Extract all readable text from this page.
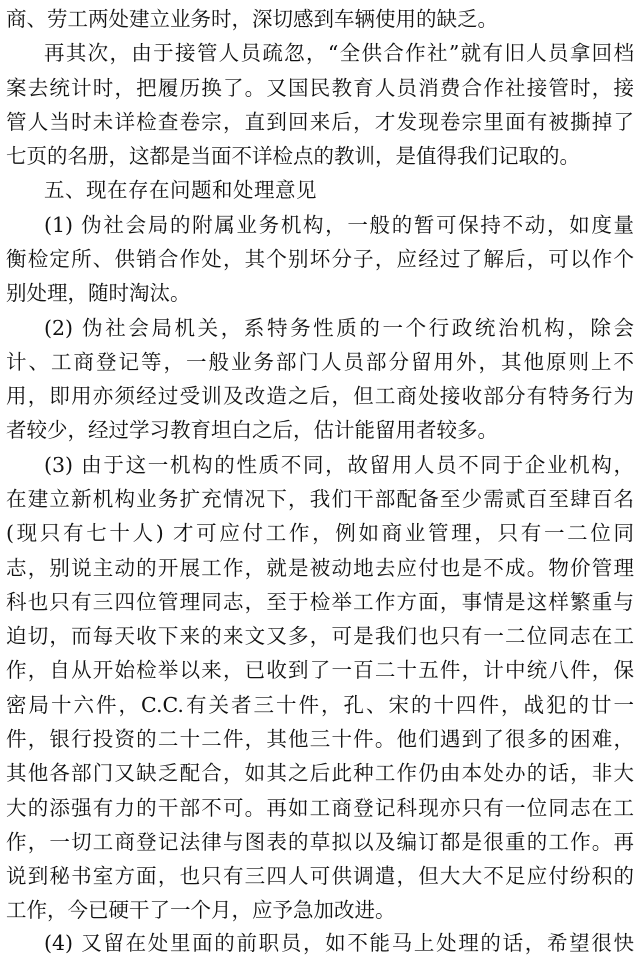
商、劳工两处建立业务时，深切感到车辆使用的缺乏。
再其次，由于接管人员疏忽，“全供合作社”就有旧人员拿回档
案去统计时，把履历换了。又国民教育人员消费合作社接管时，接
管人当时未详检查卷宗，直到回来后，才发现卷宗里面有被撕掉了
七页的名册，这都是当面不详检点的教训，是值得我们记取的。
五、现在存在问题和处理意见
(1) 伪社会局的附属业务机构，一般的暂可保持不动，如度量
衡检定所、供销合作处，其个别坏分子，应经过了解后，可以作个
别处理，随时淘汰。
(2) 伪社会局机关，系特务性质的一个行政统治机构，除会
计、工商登记等，一般业务部门人员部分留用外，其他原则上不
用，即用亦须经过受训及改造之后，但工商处接收部分有特务行为
者较少，经过学习教育坦白之后，估计能留用者较多。
(3) 由于这一机构的性质不同，故留用人员不同于企业机构，
在建立新机构业务扩充情况下，我们干部配备至少需贰百至肆百名
(现只有七十人) 才可应付工作，例如商业管理，只有一二位同
志，别说主动的开展工作，就是被动地去应付也是不成。物价管理
科也只有三四位管理同志，至于检举工作方面，事情是这样繁重与
迫切，而每天收下来的来文又多，可是我们也只有一二位同志在工
作，自从开始检举以来，已收到了一百二十五件，计中统八件，保
密局十六件，C.C.有关者三十件，孔、宋的十四件，战犯的廿一
件，银行投资的二十二件，其他三十件。他们遇到了很多的困难，
其他各部门又缺乏配合，如其之后此种工作仍由本处办的话，非大
大的添强有力的干部不可。再如工商登记科现亦只有一位同志在工
作，一切工商登记法律与图表的草拟以及编订都是很重的工作。再
说到秘书室方面，也只有三四人可供调遣，但大大不足应付纷积的
工作，今已硬干了一个月，应予急加改进。
(4) 又留在处里面的前职员，如不能马上处理的话，希望很快
